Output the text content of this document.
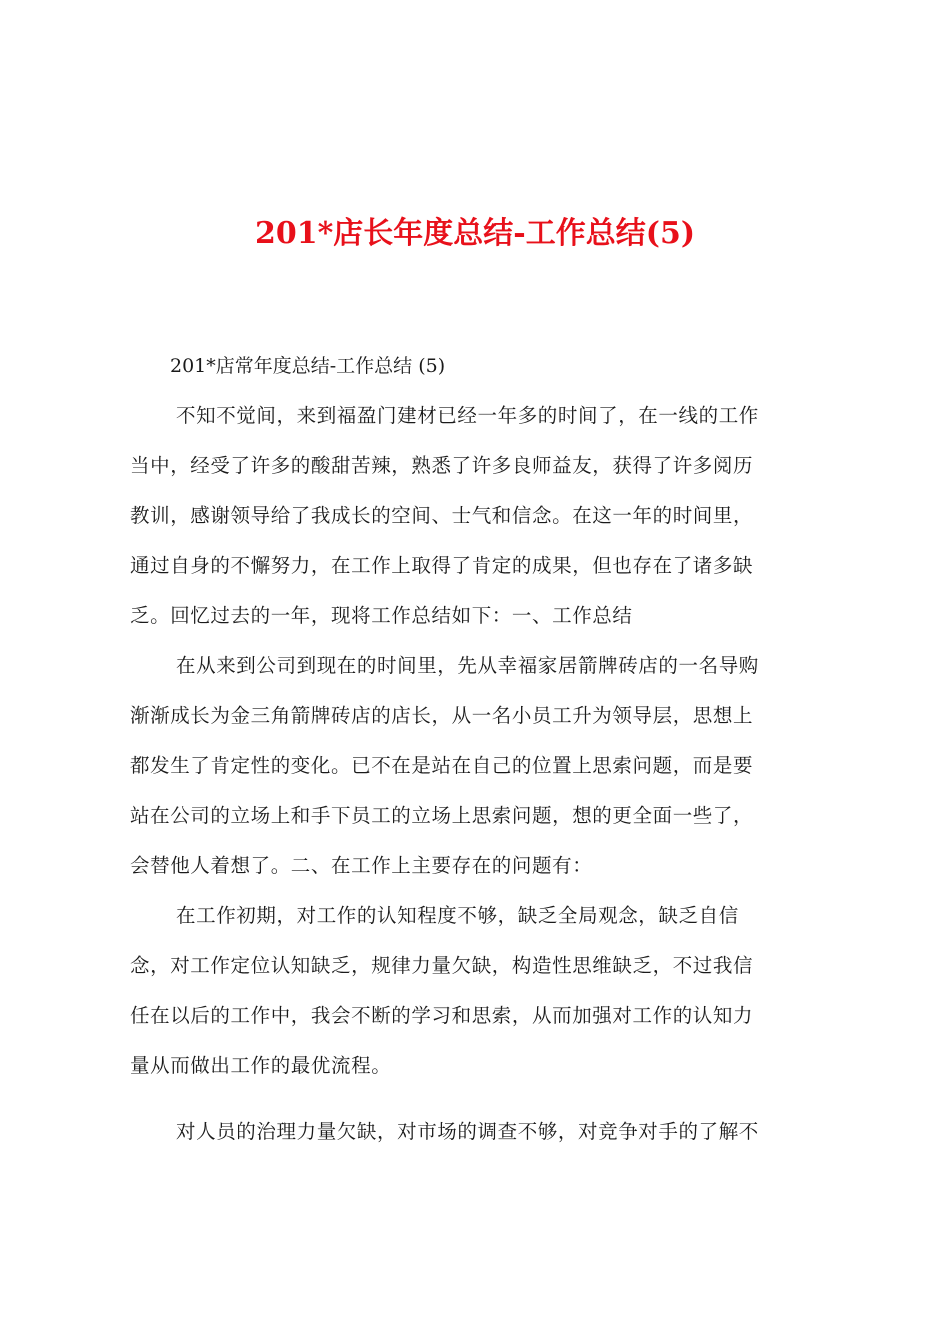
201*店长年度总结-工作总结(5)

201*店常年度总结-工作总结 (5)

不知不觉间，来到福盈门建材已经一年多的时间了，在一线的工作
当中，经受了许多的酸甜苦辣，熟悉了许多良师益友，获得了许多阅历
教训，感谢领导给了我成长的空间、士气和信念。在这一年的时间里，
通过自身的不懈努力，在工作上取得了肯定的成果，但也存在了诸多缺
乏。回忆过去的一年，现将工作总结如下：一、工作总结
在从来到公司到现在的时间里，先从幸福家居箭牌砖店的一名导购
渐渐成长为金三角箭牌砖店的店长，从一名小员工升为领导层，思想上
都发生了肯定性的变化。已不在是站在自己的位置上思索问题，而是要
站在公司的立场上和手下员工的立场上思索问题，想的更全面一些了，
会替他人着想了。二、在工作上主要存在的问题有：
在工作初期，对工作的认知程度不够，缺乏全局观念，缺乏自信
念，对工作定位认知缺乏，规律力量欠缺，构造性思维缺乏，不过我信
任在以后的工作中，我会不断的学习和思索，从而加强对工作的认知力
量从而做出工作的最优流程。
对人员的治理力量欠缺，对市场的调查不够，对竞争对手的了解不
